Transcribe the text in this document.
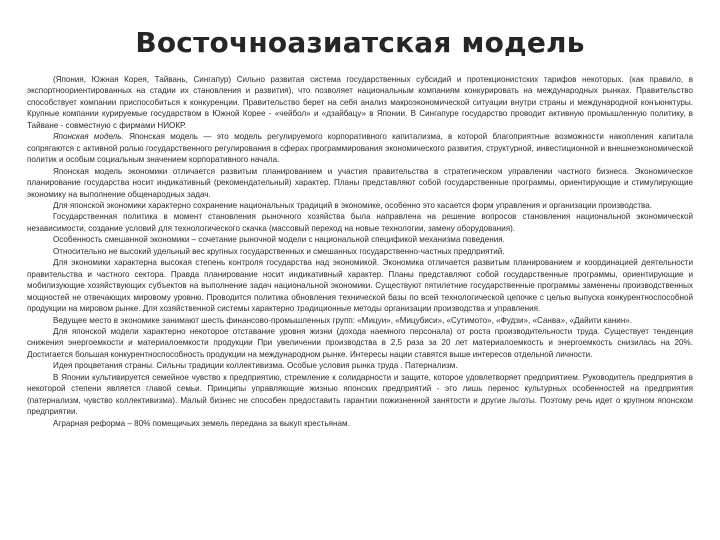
Восточноазиатская модель

(Япония, Южная Корея, Тайвань, Сингапур) Сильно развитая система государственных субсидий и протекционистских тарифов некоторых. (как правило, в экспортноориентированных на стадии их становления и развития), что позволяет национальным компаниям конкурировать на международных рынках. Правительство способствует компании приспособиться к конкуренции. Правительство берет на себя анализ макроэкономической ситуации внутри страны и международной конъюнктуры. Крупные компании курируемые государством в Южной Корее - «чейбол» и «дзайбацу» в Японии. В Сингапуре государство проводит активную промышленную политику, в Тайване - совместную с фирмами НИОКР.

Японская модель. Японская модель — это модель регулируемого корпоративного капитализма, в которой благоприятные возможности накопления капитала сопрягаются с активной ролью государственного регулирования в сферах программирования экономического развития, структурной, инвестиционной и внешнеэкономической политик и особым социальным значением корпоративного начала.

Японская модель экономики отличается развитым планированием и участия правительства в стратегическом управлении частного бизнеса. Экономическое планирование государства носит индикативный (рекомендательный) характер. Планы представляют собой государственные программы, ориентирующие и стимулирующие экономику на выполнение общенародных задач.

Для японской экономики характерно сохранение национальных традиций в экономике, особенно это касается форм управления и организации производства.

Государственная политика в момент становления рыночного хозяйства была направлена на решение вопросов становления национальной экономической независимости, создание условий для технологического скачка (массовый переход на новые технологии, замену оборудования).

Особенность смешанной экономики – сочетание рыночной модели с национальной спецификой механизма поведения.

Относительно не высокий удельный вес крупных государственных и смешанных государственно-частных предприятий.

Для экономики характерна высокая степень контроля государства над экономикой. Экономика отличается развитым планированием и координацией деятельности правительства и частного сектора. Правда планирование носит индикативный характер. Планы представляют собой государственные программы, ориентирующие и мобилизующие хозяйствующих субъектов на выполнение задач национальной экономики. Существуют пятилетние государственные программы заменены производственных мощностей не отвечающих мировому уровню. Проводится политика обновления технической базы по всей технологической цепочке с целью выпуска конкурентноспособной продукции на мировом рынке. Для хозяйственной системы характерно традиционные методы организации производства и управления.

Ведущее место в экономике занимают шесть финансово-промышленных групп: «Мицуи», «Мицубиси», «Сутимото», «Фудзи», «Санва», «Дайити канин».

Для японской модели характерно некоторое отставание уровня жизни (дохода наемного персонала) от роста производительности труда. Существует тенденция снижения энергоемкости и материалоемкости продукции При увеличении производства в 2,5 раза за 20 лет материалоемкость и энергоемкость снизилась на 20%. Достигается большая конкурентноспособность продукции на международном рынке. Интересы нации ставятся выше интересов отдельной личности.

Идея процветания страны. Сильны традиции коллективизма. Особые условия рынка труда . Патернализм.

В Японии культивируется семейное чувство к предприятию, стремление к солидарности и защите, которое удовлетворяет предприятием. Руководитель предприятия в некоторой степени является главой семьи. Принципы управляющие жизнью японских предприятий - это лишь перенос культурных особенностей на предприятия (патернализм, чувство коллективизма). Малый бизнес не способен предоставить гарантии пожизненной занятости и другие льготы. Поэтому речь идет о крупном японском предприятии.

Аграрная реформа – 80% помещичьих земель передана за выкуп крестьянам.
